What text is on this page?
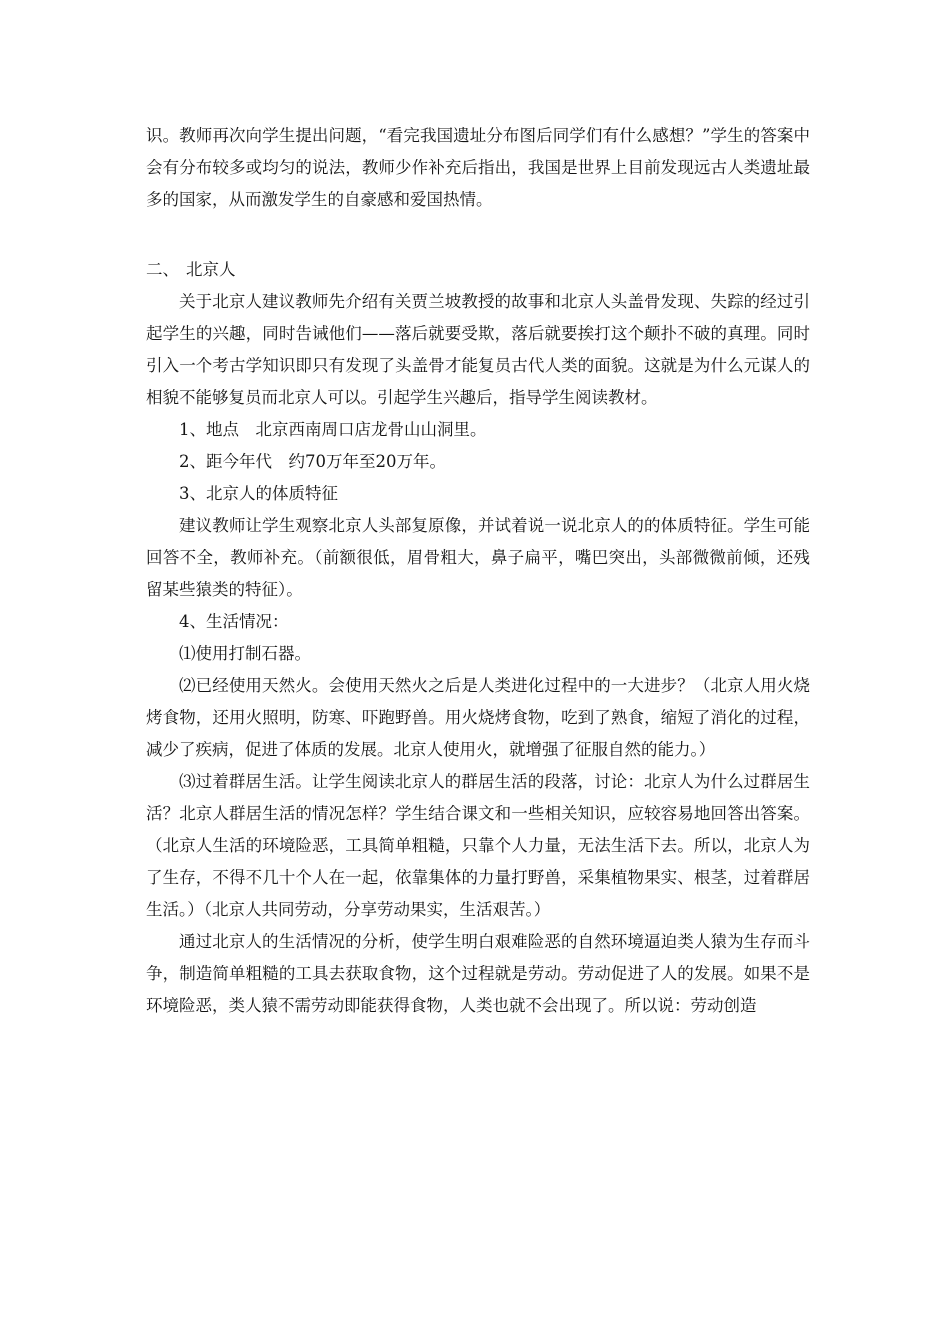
识。教师再次向学生提出问题，“看完我国遗址分布图后同学们有什么感想？”学生的答案中会有分布较多或均匀的说法，教师少作补充后指出，我国是世界上目前发现远古人类遗址最多的国家，从而激发学生的自豪感和爱国热情。

二、 北京人

关于北京人建议教师先介绍有关贾兰坡教授的故事和北京人头盖骨发现、失踪的经过引起学生的兴趣，同时告诫他们——落后就要受欺，落后就要挨打这个颠扑不破的真理。同时引入一个考古学知识即只有发现了头盖骨才能复员古代人类的面貌。这就是为什么元谋人的相貌不能够复员而北京人可以。引起学生兴趣后，指导学生阅读教材。

1、地点　北京西南周口店龙骨山山洞里。

2、距今年代　约70万年至20万年。

3、北京人的体质特征

建议教师让学生观察北京人头部复原像，并试着说一说北京人的的体质特征。学生可能回答不全，教师补充。（前额很低，眉骨粗大，鼻子扁平，嘴巴突出，头部微微前倾，还残留某些猿类的特征）。

4、生活情况：

⑴使用打制石器。

⑵已经使用天然火。会使用天然火之后是人类进化过程中的一大进步？（北京人用火烧烤食物，还用火照明，防寒、吓跑野兽。用火烧烤食物，吃到了熟食，缩短了消化的过程，减少了疾病，促进了体质的发展。北京人使用火，就增强了征服自然的能力。）

⑶过着群居生活。让学生阅读北京人的群居生活的段落，讨论：北京人为什么过群居生活？北京人群居生活的情况怎样？学生结合课文和一些相关知识，应较容易地回答出答案。（北京人生活的环境险恶，工具简单粗糙，只靠个人力量，无法生活下去。所以，北京人为了生存，不得不几十个人在一起，依靠集体的力量打野兽，采集植物果实、根茎，过着群居生活。）（北京人共同劳动，分享劳动果实，生活艰苦。）

通过北京人的生活情况的分析，使学生明白艰难险恶的自然环境逼迫类人猿为生存而斗争，制造简单粗糙的工具去获取食物，这个过程就是劳动。劳动促进了人的发展。如果不是环境险恶，类人猿不需劳动即能获得食物，人类也就不会出现了。所以说：劳动创造
